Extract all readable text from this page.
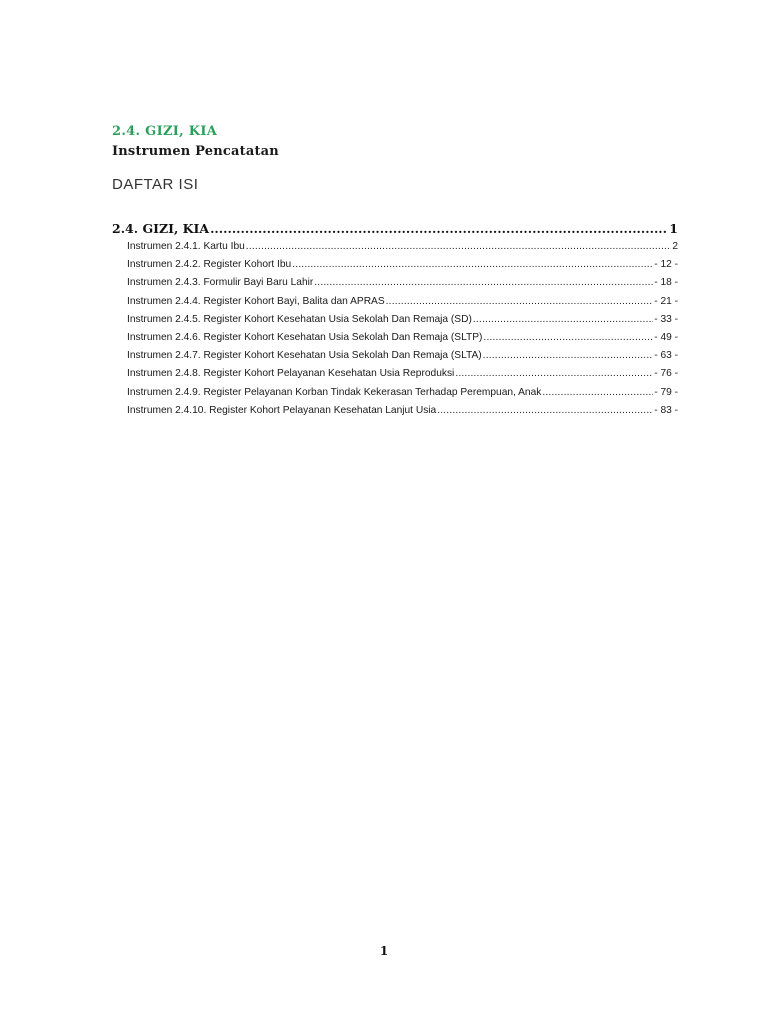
2.4. GIZI, KIA
Instrumen Pencatatan
DAFTAR ISI
2.4. GIZI, KIA .....	1
Instrumen 2.4.1. Kartu Ibu .....	2
Instrumen 2.4.2. Register Kohort Ibu .....	- 12 -
Instrumen 2.4.3. Formulir Bayi Baru Lahir .....	- 18 -
Instrumen 2.4.4. Register Kohort Bayi, Balita dan APRAS .....	- 21 -
Instrumen 2.4.5. Register Kohort Kesehatan Usia Sekolah Dan Remaja (SD) .....	- 33 -
Instrumen 2.4.6. Register Kohort Kesehatan Usia Sekolah Dan Remaja (SLTP) .....	- 49 -
Instrumen 2.4.7. Register Kohort Kesehatan Usia Sekolah Dan Remaja (SLTA) .....	- 63 -
Instrumen 2.4.8. Register Kohort Pelayanan Kesehatan Usia Reproduksi .....	- 76 -
Instrumen 2.4.9. Register Pelayanan Korban Tindak Kekerasan Terhadap Perempuan, Anak .....	- 79 -
Instrumen 2.4.10. Register Kohort Pelayanan Kesehatan Lanjut Usia .....	- 83 -
1
